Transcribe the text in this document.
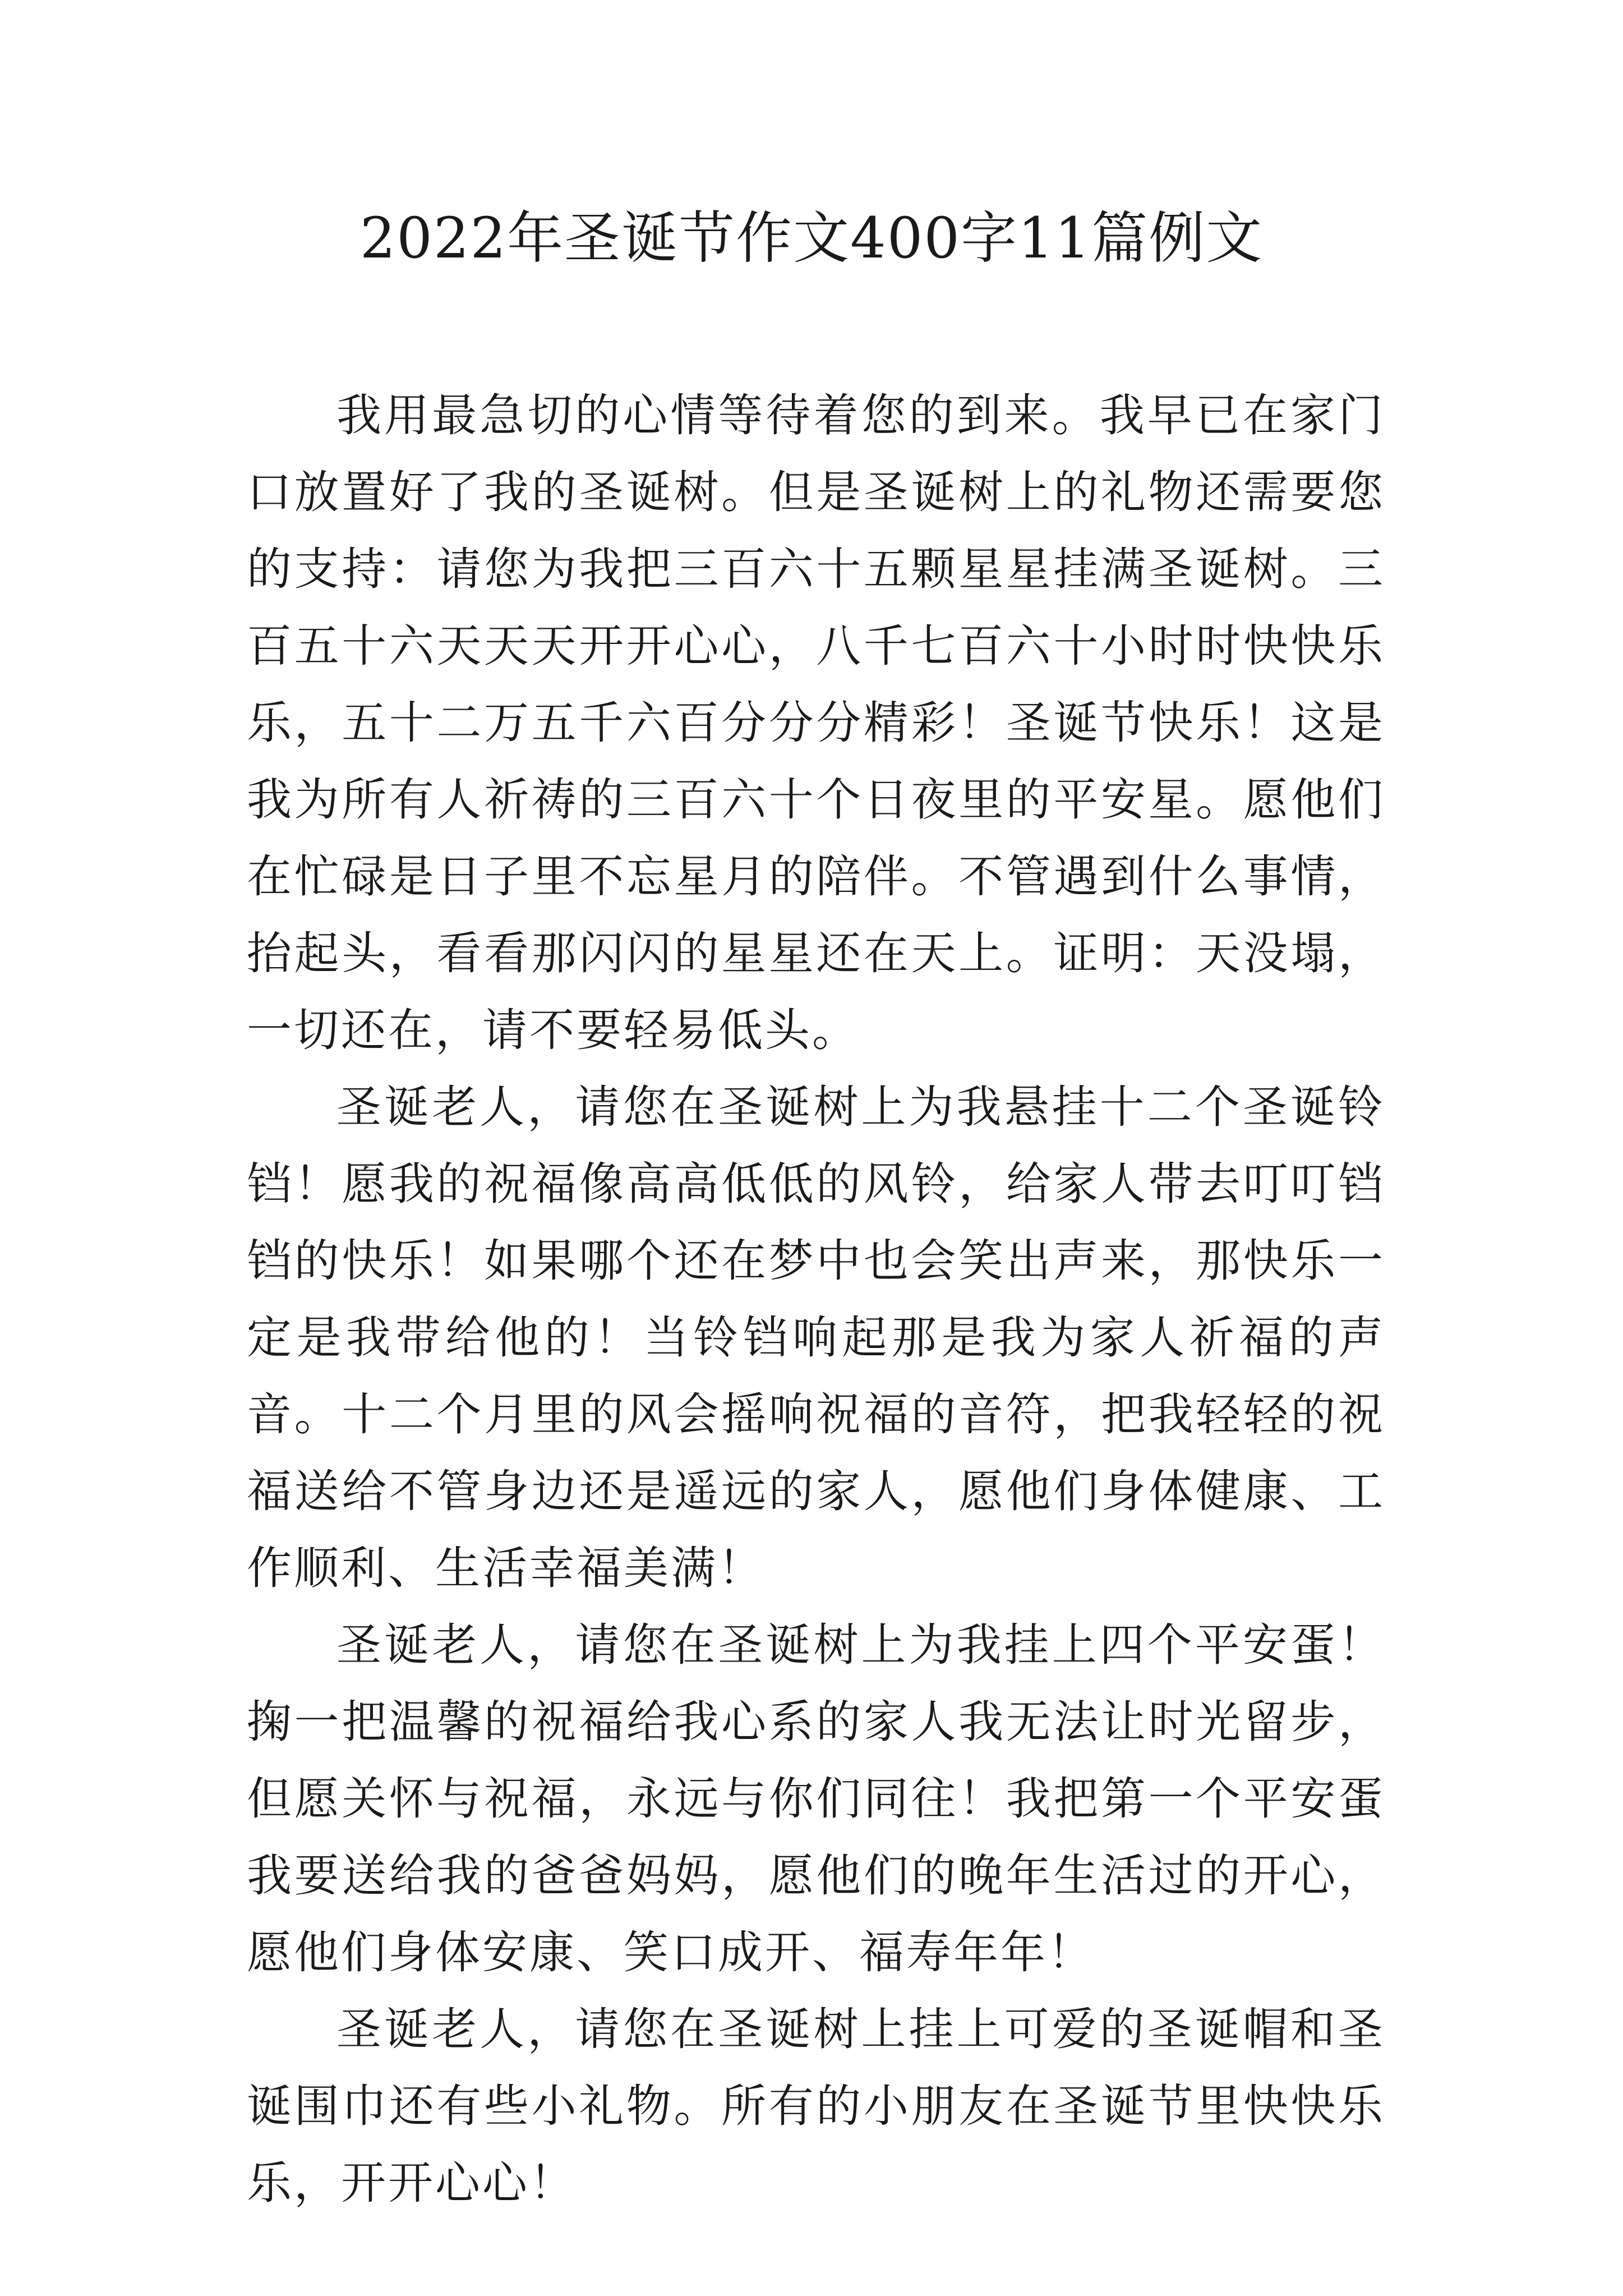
2022年圣诞节作文400字11篇例文

我用最急切的心情等待着您的到来。我早已在家门口放置好了我的圣诞树。但是圣诞树上的礼物还需要您的支持：请您为我把三百六十五颗星星挂满圣诞树。三百五十六天天天开开心心，八千七百六十小时时快快乐乐，五十二万五千六百分分分精彩！圣诞节快乐！这是我为所有人祈祷的三百六十个日夜里的平安星。愿他们在忙碌是日子里不忘星月的陪伴。不管遇到什么事情，抬起头，看看那闪闪的星星还在天上。证明：天没塌，一切还在，请不要轻易低头。

圣诞老人，请您在圣诞树上为我悬挂十二个圣诞铃铛！愿我的祝福像高高低低的风铃，给家人带去叮叮铛铛的快乐！如果哪个还在梦中也会笑出声来，那快乐一定是我带给他的！当铃铛响起那是我为家人祈福的声音。十二个月里的风会摇响祝福的音符，把我轻轻的祝福送给不管身边还是遥远的家人，愿他们身体健康、工作顺利、生活幸福美满！

圣诞老人，请您在圣诞树上为我挂上四个平安蛋！掬一把温馨的祝福给我心系的家人我无法让时光留步，但愿关怀与祝福，永远与你们同往！我把第一个平安蛋我要送给我的爸爸妈妈，愿他们的晚年生活过的开心，愿他们身体安康、笑口成开、福寿年年！

圣诞老人，请您在圣诞树上挂上可爱的圣诞帽和圣诞围巾还有些小礼物。所有的小朋友在圣诞节里快快乐乐，开开心心！
